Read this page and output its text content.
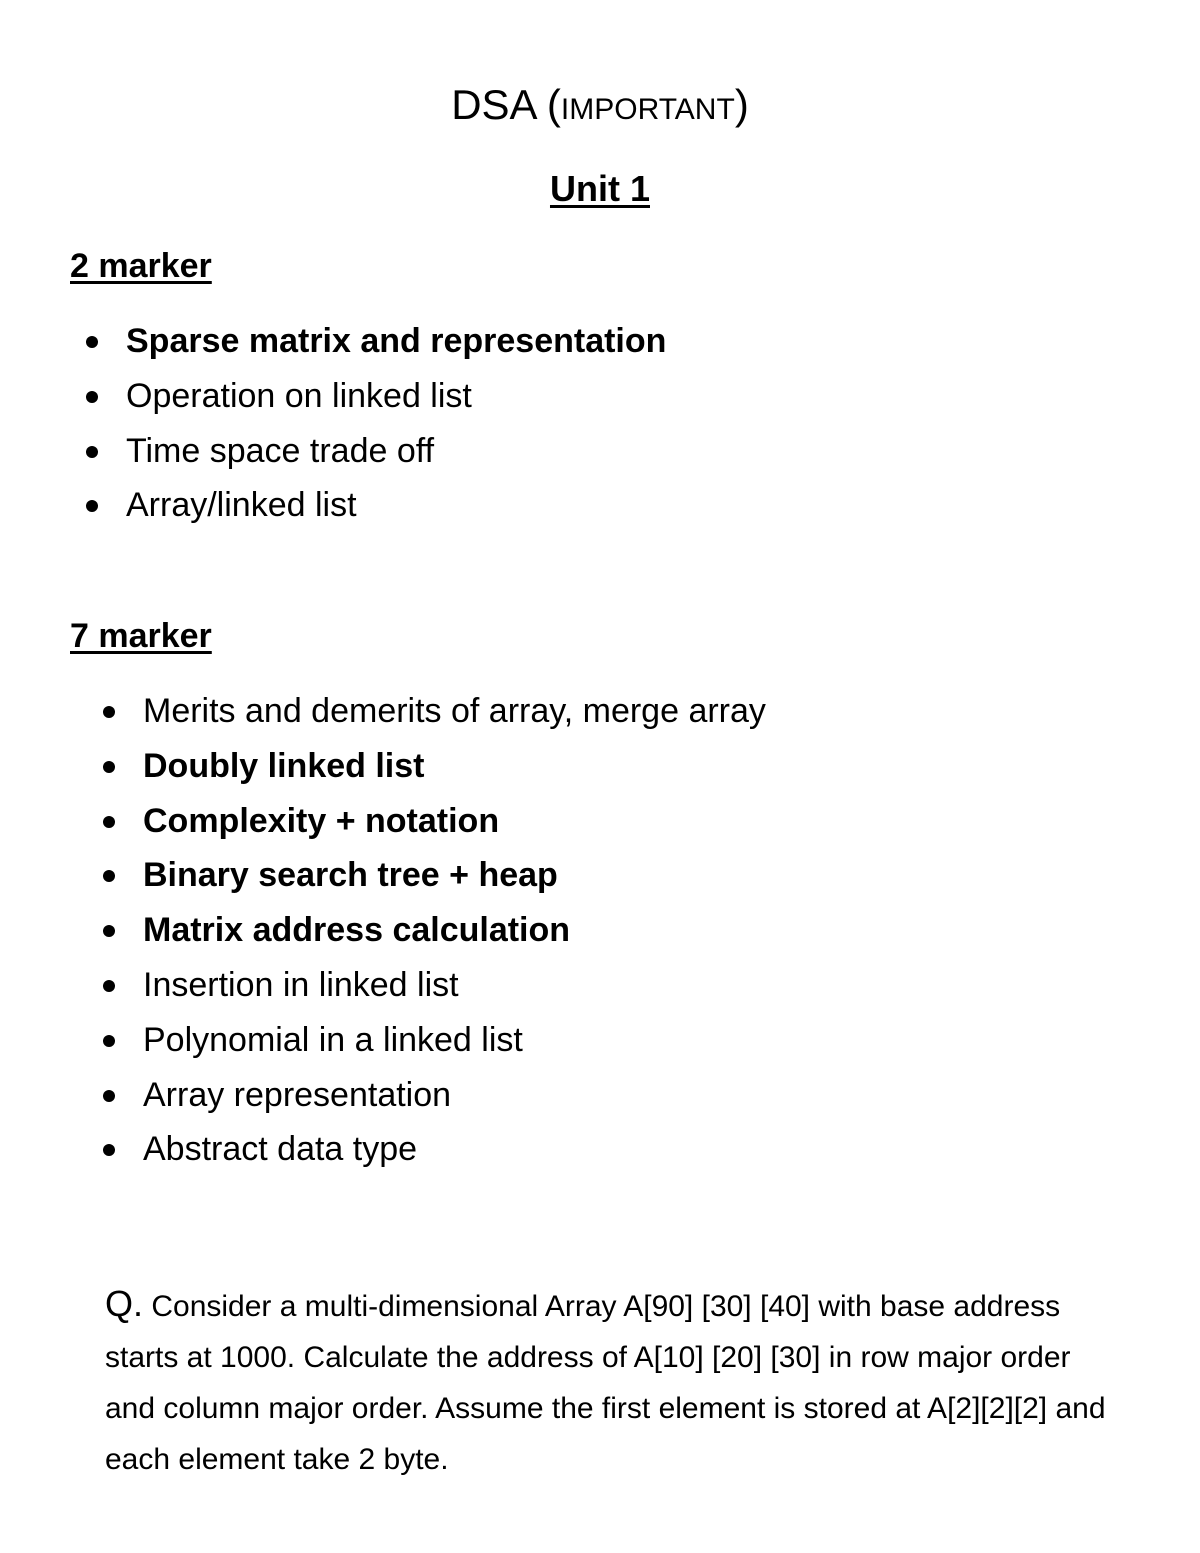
DSA (IMPORTANT)
Unit 1
2 marker
Sparse matrix and representation
Operation on linked list
Time space trade off
Array/linked list
7 marker
Merits and demerits of array, merge array
Doubly linked list
Complexity + notation
Binary search tree + heap
Matrix address calculation
Insertion in linked list
Polynomial in a linked list
Array representation
Abstract data type
Q. Consider a multi-dimensional Array A[90] [30] [40] with base address starts at 1000. Calculate the address of A[10] [20] [30] in row major order and column major order. Assume the first element is stored at A[2][2][2] and each element take 2 byte.
